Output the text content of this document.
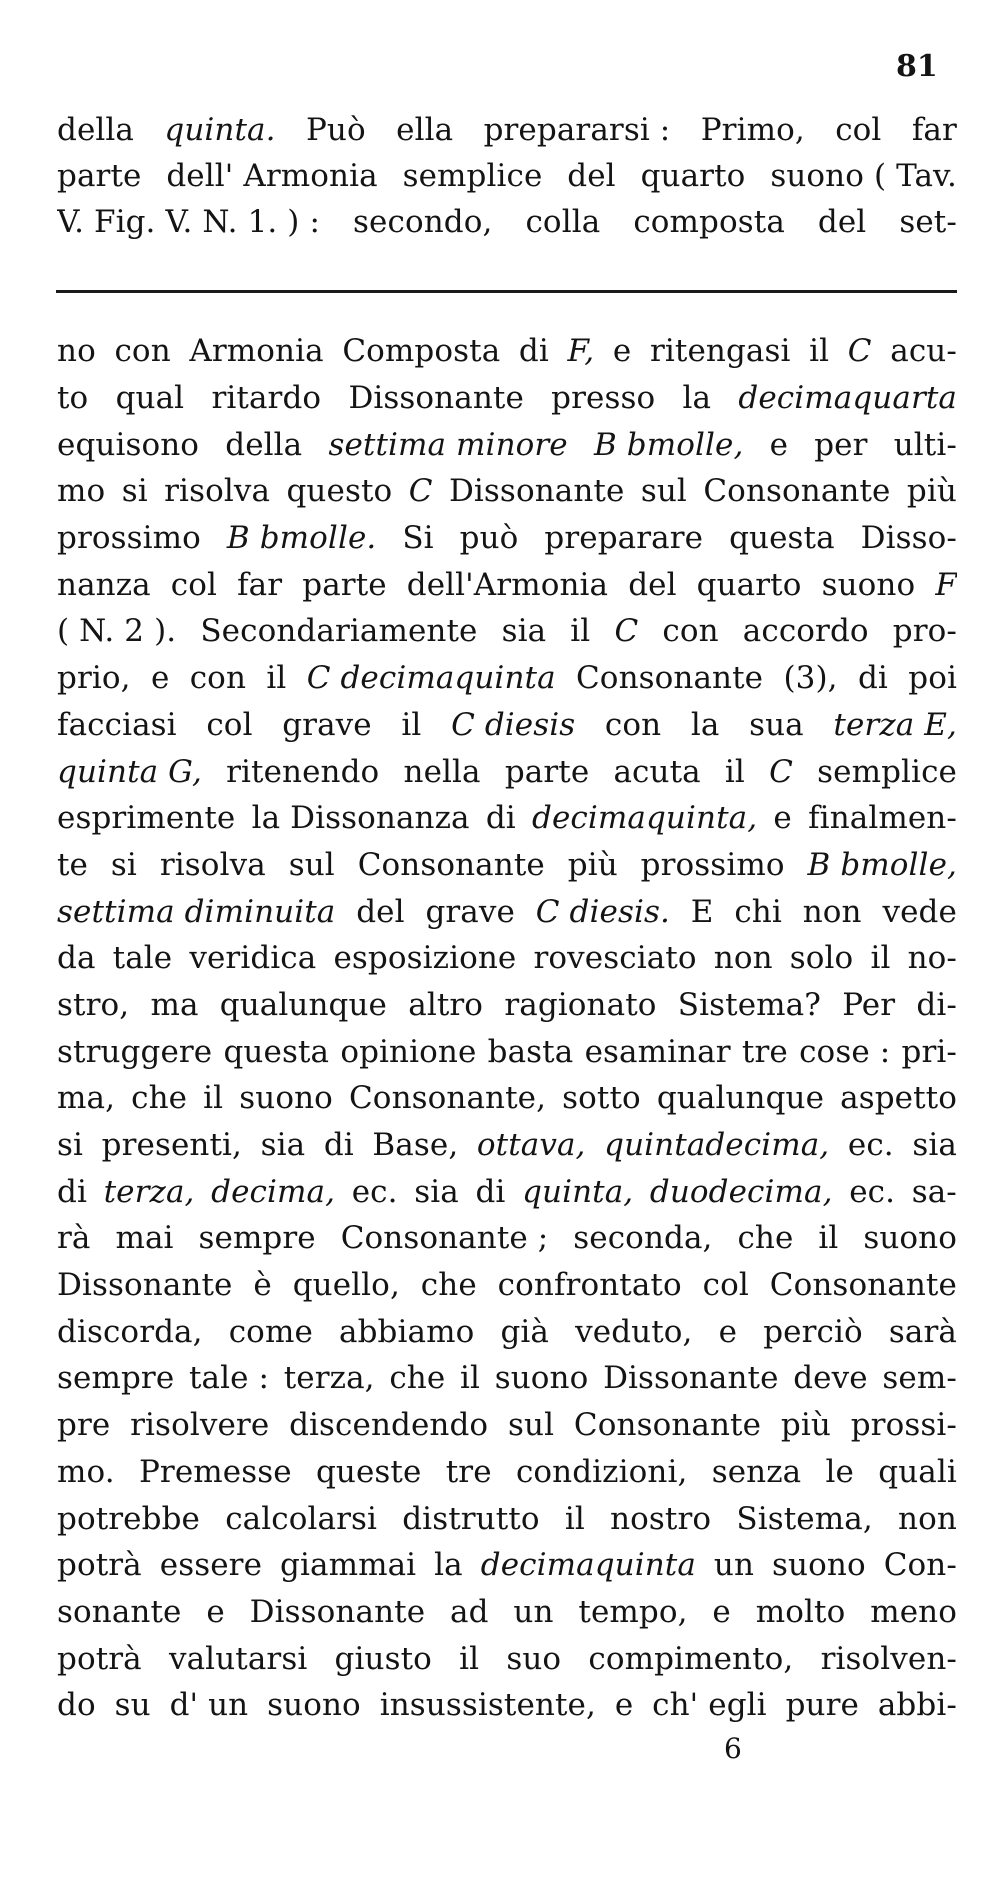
81
della quinta. Può ella prepararsi : Primo, col far
parte dell' Armonia semplice del quarto suono ( Tav.
V. Fig. V. N. 1. ) : secondo, colla composta del set-
no con Armonia Composta di F, e ritengasi il C acu-
to qual ritardo Dissonante presso la decimaquarta
equisono della settima minore B bmolle, e per ulti-
mo si risolva questo C Dissonante sul Consonante più
prossimo B bmolle. Si può preparare questa Disso-
nanza col far parte dell'Armonia del quarto suono F
( N. 2 ). Secondariamente sia il C con accordo pro-
prio, e con il C decimaquinta Consonante (3), di poi
facciasi col grave il C diesis con la sua terza E,
quinta G, ritenendo nella parte acuta il C semplice
esprimente la Dissonanza di decimaquinta, e finalmen-
te si risolva sul Consonante più prossimo B bmolle,
settima diminuita del grave C diesis. E chi non vede
da tale veridica esposizione rovesciato non solo il no-
stro, ma qualunque altro ragionato Sistema? Per di-
struggere questa opinione basta esaminar tre cose : pri-
ma, che il suono Consonante, sotto qualunque aspetto
si presenti, sia di Base, ottava, quintadecima, ec. sia
di terza, decima, ec. sia di quinta, duodecima, ec. sa-
rà mai sempre Consonante ; seconda, che il suono
Dissonante è quello, che confrontato col Consonante
discorda, come abbiamo già veduto, e perciò sarà
sempre tale : terza, che il suono Dissonante deve sem-
pre risolvere discendendo sul Consonante più prossi-
mo. Premesse queste tre condizioni, senza le quali
potrebbe calcolarsi distrutto il nostro Sistema, non
potrà essere giammai la decimaquinta un suono Con-
sonante e Dissonante ad un tempo, e molto meno
potrà valutarsi giusto il suo compimento, risolven-
do su d' un suono insussistente, e ch' egli pure abbi-
6
